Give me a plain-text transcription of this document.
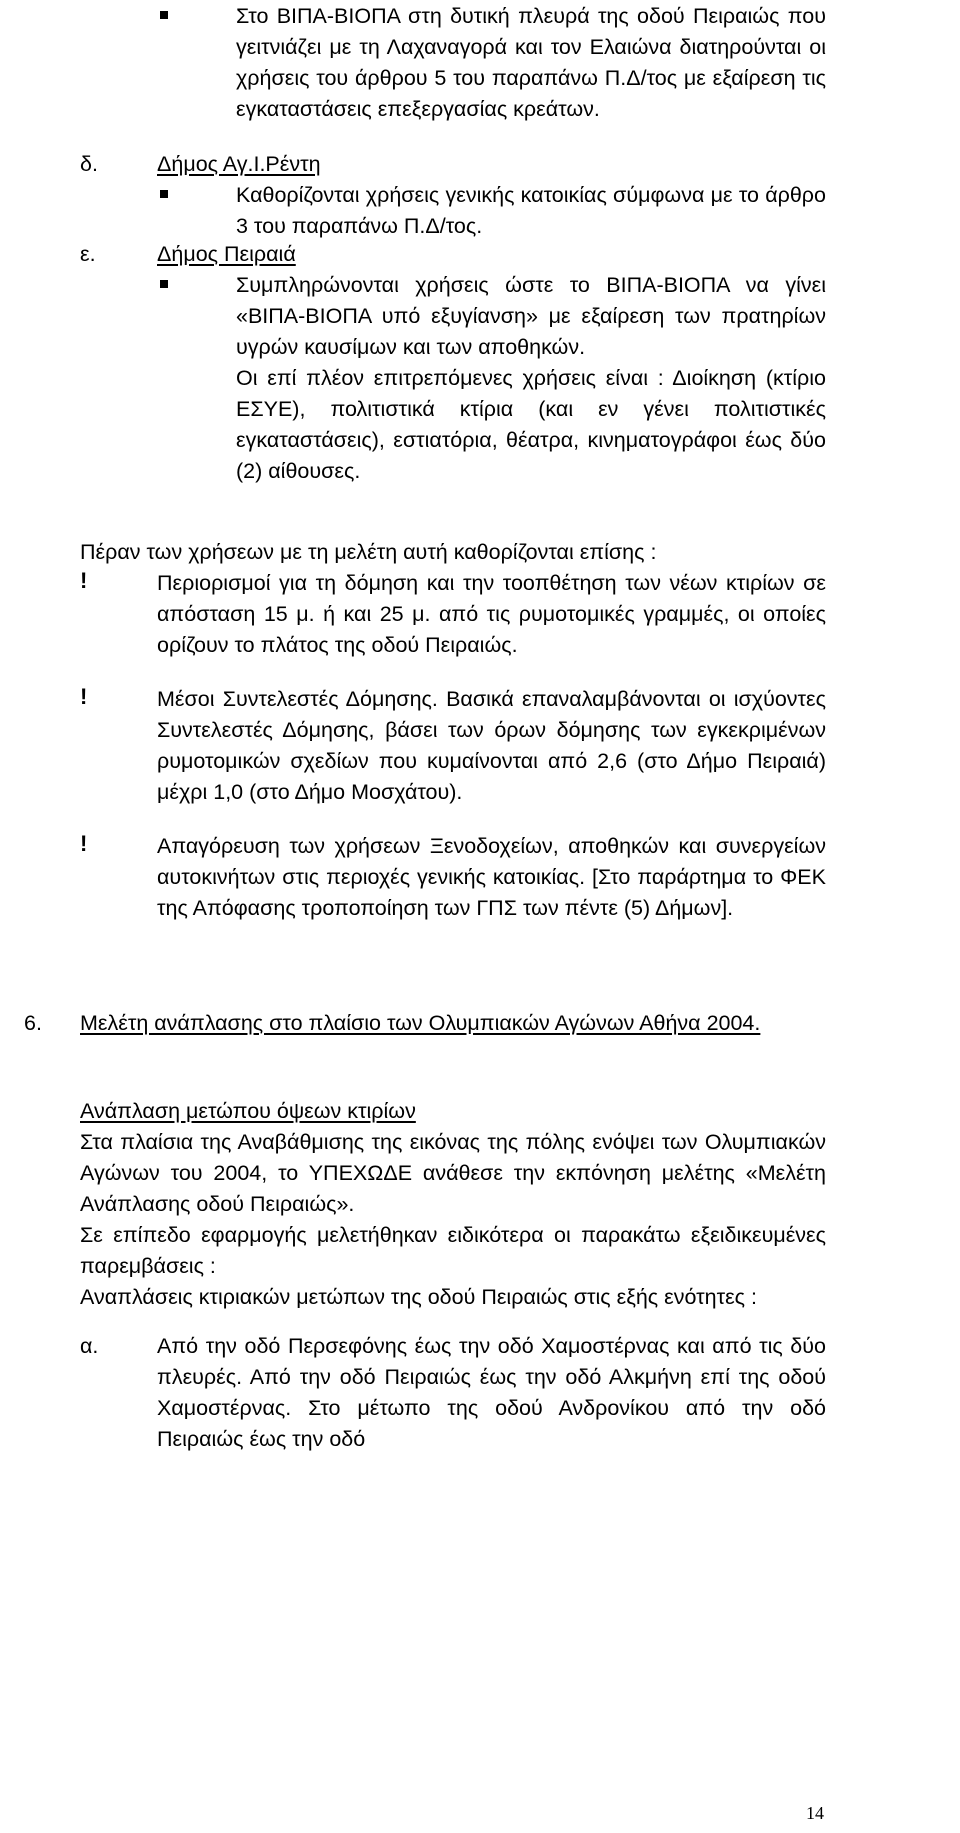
Στο ΒΙΠΑ-ΒΙΟΠΑ στη δυτική πλευρά της οδού Πειραιώς που γειτνιάζει με τη Λαχαναγορά και τον Ελαιώνα διατηρούνται οι χρήσεις του άρθρου 5 του παραπάνω Π.Δ/τος με εξαίρεση τις εγκαταστάσεις επεξεργασίας κρεάτων.

δ.	Δήμος Αγ.Ι.Ρέντη

Καθορίζονται χρήσεις γενικής κατοικίας σύμφωνα με το άρθρο 3 του παραπάνω Π.Δ/τος.

ε.	Δήμος Πειραιά

Συμπληρώνονται χρήσεις ώστε το ΒΙΠΑ-ΒΙΟΠΑ να γίνει «ΒΙΠΑ-ΒΙΟΠΑ υπό εξυγίανση» με εξαίρεση των πρατηρίων υγρών καυσίμων και των αποθηκών.

Οι επί πλέον επιτρεπόμενες χρήσεις είναι : Διοίκηση (κτίριο ΕΣΥΕ), πολιτιστικά κτίρια (και εν γένει πολιτιστικές εγκαταστάσεις), εστιατόρια, θέατρα, κινηματογράφοι έως δύο (2) αίθουσες.

Πέραν των χρήσεων με τη μελέτη αυτή καθορίζονται επίσης :

!	Περιορισμοί για τη δόμηση και την τοοπθέτηση των νέων κτιρίων σε απόσταση 15 μ. ή και 25 μ. από τις ρυμοτομικές γραμμές, οι οποίες ορίζουν το πλάτος της οδού Πειραιώς.

!	Μέσοι Συντελεστές Δόμησης. Βασικά επαναλαμβάνονται οι ισχύοντες Συντελεστές Δόμησης, βάσει των όρων δόμησης των εγκεκριμένων ρυμοτομικών σχεδίων που κυμαίνονται από 2,6 (στο Δήμο Πειραιά) μέχρι 1,0 (στο Δήμο Μοσχάτου).

!	Απαγόρευση των χρήσεων Ξενοδοχείων, αποθηκών και συνεργείων αυτοκινήτων στις περιοχές γενικής κατοικίας. [Στο παράρτημα το ΦΕΚ της Απόφασης τροποποίηση των ΓΠΣ των πέντε (5) Δήμων].

6. Μελέτη ανάπλασης στο πλαίσιο των Ολυμπιακών Αγώνων Αθήνα 2004.

Ανάπλαση μετώπου όψεων κτιρίων

Στα πλαίσια της Αναβάθμισης της εικόνας της πόλης ενόψει των Ολυμπιακών Αγώνων του 2004, το ΥΠΕΧΩΔΕ ανάθεσε την εκπόνηση μελέτης «Μελέτη Ανάπλασης οδού Πειραιώς».

Σε επίπεδο εφαρμογής μελετήθηκαν ειδικότερα οι παρακάτω εξειδικευμένες παρεμβάσεις :

Αναπλάσεις κτιριακών μετώπων της οδού Πειραιώς στις εξής ενότητες :

α.	Από την οδό Περσεφόνης έως την οδό Χαμοστέρνας και από τις δύο πλευρές. Από την οδό Πειραιώς έως την οδό Αλκμήνη επί της οδού Χαμοστέρνας. Στο μέτωπο της οδού Ανδρονίκου από την οδό Πειραιώς έως την οδό

14
